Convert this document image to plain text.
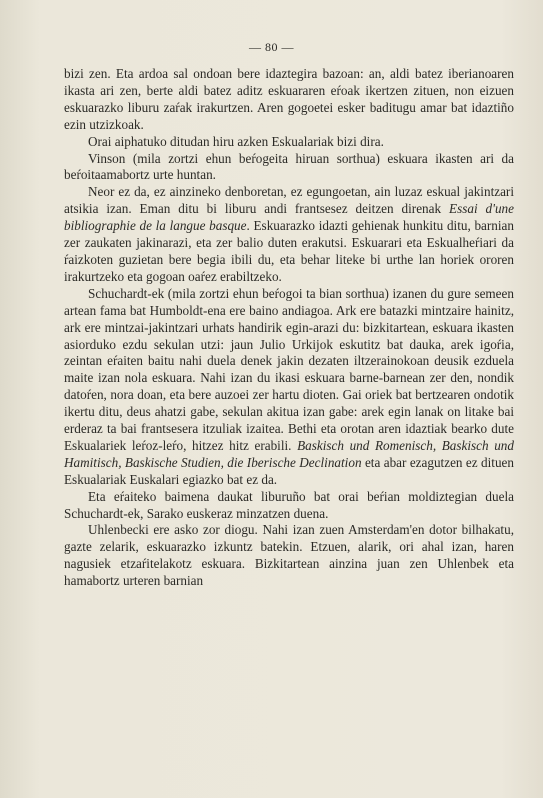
— 80 —

bizi zen. Eta ardoa sal ondoan bere idaztegira bazoan: an, aldi batez iberianoaren ikasta ari zen, berte aldi batez aditz eskuararen eŕoak ikertzen zituen, non eizuen eskuarazko liburu zaŕak irakurtzen. Aren gogoetei esker baditugu amar bat idaztiño ezin utzizkoak.

Orai aiphatuko ditudan hiru azken Eskualariak bizi dira.

Vinson (mila zortzi ehun beŕogeita hiruan sorthua) eskuara ikasten ari da beŕoitaamabortz urte huntan.

Neor ez da, ez ainzineko denboretan, ez egungoetan, ain luzaz eskual jakintzari atsikia izan. Eman ditu bi liburu andi frantsesez deitzen direnak Essai d'une bibliographie de la langue basque. Eskuarazko idazti gehienak hunkitu ditu, barnian zer zaukaten jakinarazi, eta zer balio duten erakutsi. Eskuarari eta Eskualheŕiari da ŕaizkoten guzietan bere begia ibili du, eta behar liteke bi urthe lan horiek ororen irakurtzeko eta gogoan oaŕez erabiltzeko.

Schuchardt-ek (mila zortzi ehun beŕogoi ta bian sorthua) izanen du gure semeen artean fama bat Humboldt-ena ere baino andiagoa. Ark ere batazki mintzaire hainitz, ark ere mintzai-jakintzari urhats handirik egin-arazi du: bizkitartean, eskuara ikasten asiorduko ezdu sekulan utzi: jaun Julio Urkijok eskutitz bat dauka, arek igoŕia, zeintan eŕaiten baitu nahi duela denek jakin dezaten iltzerainokoan deusik ezduela maite izan nola eskuara. Nahi izan du ikasi eskuara barne-barnean zer den, nondik datoŕen, nora doan, eta bere auzoei zer hartu dioten. Gai oriek bat bertzearen ondotik ikertu ditu, deus ahatzi gabe, sekulan akitua izan gabe: arek egin lanak on litake bai erderaz ta bai frantsesera itzuliak izaitea. Bethi eta orotan aren idaztiak bearko dute Eskualariek leŕoz-leŕo, hitzez hitz erabili. Baskisch und Romenisch, Baskisch und Hamitisch, Baskische Studien, die Iberische Declination eta abar ezagutzen ez dituen Eskualariak Euskalari egiazko bat ez da.

Eta eŕaiteko baimena daukat liburuño bat orai beŕian moldiztegian duela Schuchardt-ek, Sarako euskeraz minzatzen duena.

Uhlenbecki ere asko zor diogu. Nahi izan zuen Amsterdam'en dotor bilhakatu, gazte zelarik, eskuarazko izkuntz batekin. Etzuen, alarik, ori ahal izan, haren nagusiek etzaŕitelakotz eskuara. Bizkitartean ainzina juan zen Uhlenbek eta hamabortz urteren barnian
